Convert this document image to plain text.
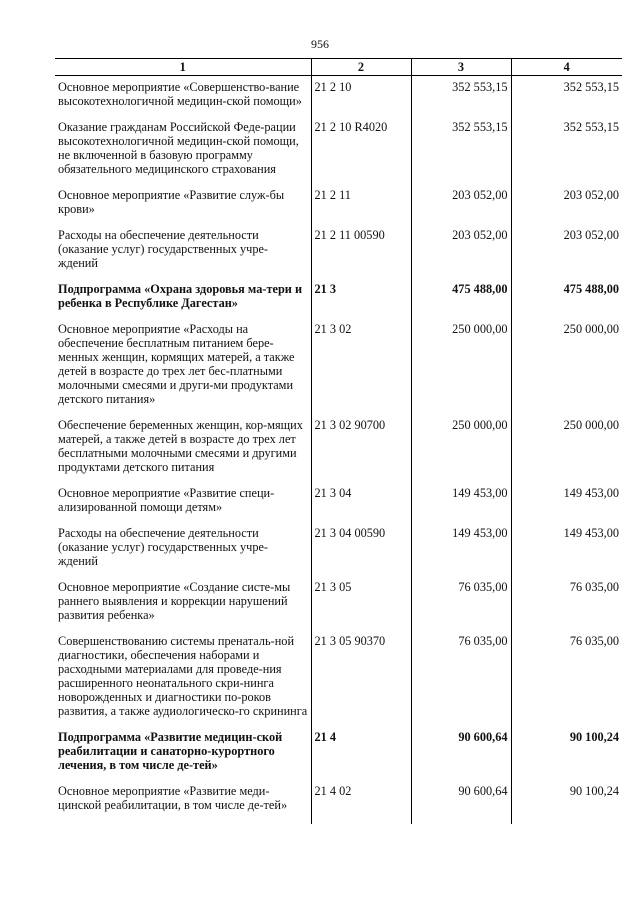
956
1	2	3	4
Основное мероприятие «Совершенство-вание высокотехнологичной медицин-ской помощи»	21 2 10	352 553,15	352 553,15
Оказание гражданам Российской Феде-рации высокотехнологичной медицин-ской помощи, не включенной в базовую программу обязательного медицинского страхования	21 2 10 R4020	352 553,15	352 553,15
Основное мероприятие «Развитие служ-бы крови»	21 2 11	203 052,00	203 052,00
Расходы на обеспечение деятельности (оказание услуг) государственных учре-ждений	21 2 11 00590	203 052,00	203 052,00
Подпрограмма «Охрана здоровья ма-тери и ребенка в Республике Дагестан»	21 3	475 488,00	475 488,00
Основное мероприятие «Расходы на обеспечение бесплатным питанием бере-менных женщин, кормящих матерей, а также детей в возрасте до трех лет бес-платными молочными смесями и други-ми продуктами детского питания»	21 3 02	250 000,00	250 000,00
Обеспечение беременных женщин, кор-мящих матерей, а также детей в возрасте до трех лет бесплатными молочными смесями и другими продуктами детского питания	21 3 02 90700	250 000,00	250 000,00
Основное мероприятие «Развитие специ-ализированной помощи детям»	21 3 04	149 453,00	149 453,00
Расходы на обеспечение деятельности (оказание услуг) государственных учре-ждений	21 3 04 00590	149 453,00	149 453,00
Основное мероприятие «Создание систе-мы раннего выявления и коррекции нарушений развития ребенка»	21 3 05	76 035,00	76 035,00
Совершенствованию системы пренаталь-ной диагностики, обеспечения наборами и расходными материалами для проведе-ния расширенного неонатального скри-нинга новорожденных и диагностики по-роков развития, а также аудиологическо-го скрининга	21 3 05 90370	76 035,00	76 035,00
Подпрограмма «Развитие медицин-ской реабилитации и санаторно-курортного лечения, в том числе де-тей»	21 4	90 600,64	90 100,24
Основное мероприятие «Развитие меди-цинской реабилитации, в том числе де-тей»	21 4 02	90 600,64	90 100,24
